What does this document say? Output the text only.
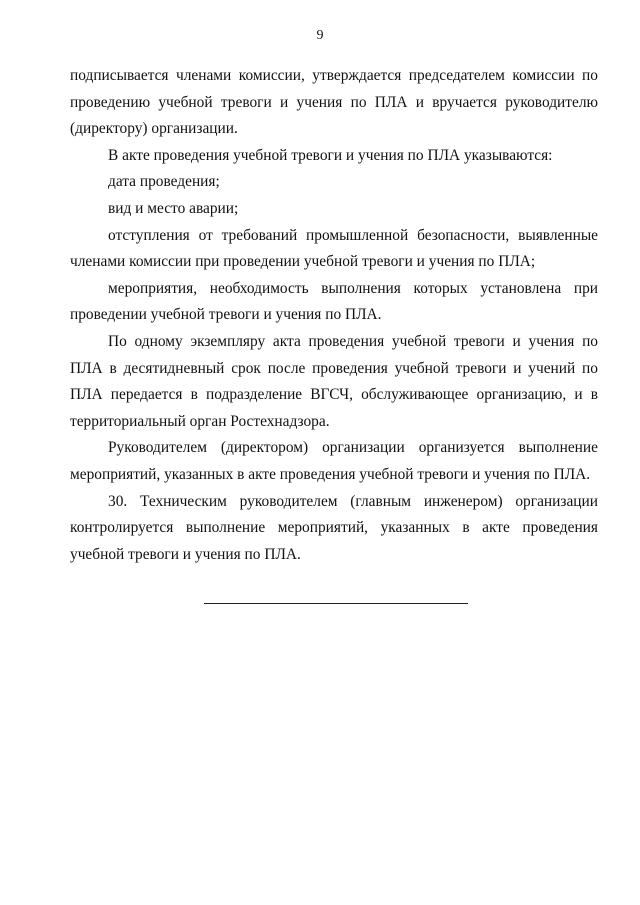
9

подписывается членами комиссии, утверждается председателем комиссии по проведению учебной тревоги и учения по ПЛА и вручается руководителю (директору) организации.

В акте проведения учебной тревоги и учения по ПЛА указываются:

дата проведения;

вид и место аварии;

отступления от требований промышленной безопасности, выявленные членами комиссии при проведении учебной тревоги и учения по ПЛА;

мероприятия, необходимость выполнения которых установлена при проведении учебной тревоги и учения по ПЛА.

По одному экземпляру акта проведения учебной тревоги и учения по ПЛА в десятидневный срок после проведения учебной тревоги и учений по ПЛА передается в подразделение ВГСЧ, обслуживающее организацию, и в территориальный орган Ростехнадзора.

Руководителем (директором) организации организуется выполнение мероприятий, указанных в акте проведения учебной тревоги и учения по ПЛА.

30. Техническим руководителем (главным инженером) организации контролируется выполнение мероприятий, указанных в акте проведения учебной тревоги и учения по ПЛА.
